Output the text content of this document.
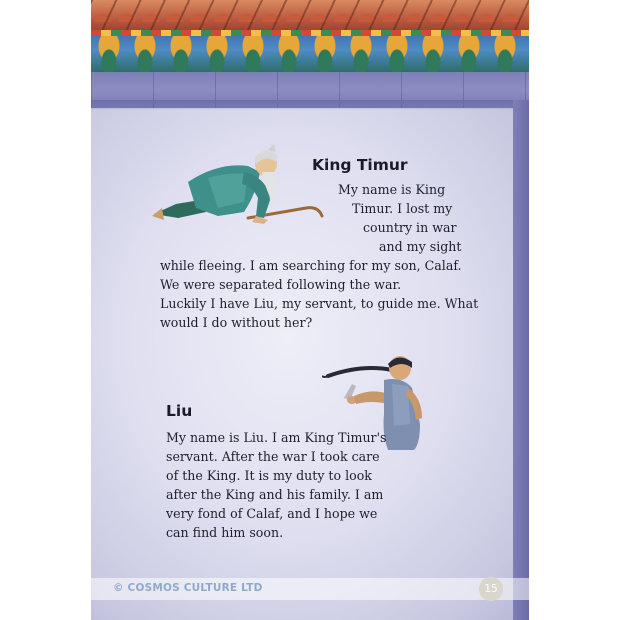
King Timur

My name is King

Timur. I lost my

country in war

and my sight

while fleeing. I am searching for my son, Calaf.

We were separated following the war.

Luckily I have Liu, my servant, to guide me. What

would I do without her?

Liu

My name is Liu. I am King Timur's

servant. After the war I took care

of the King. It is my duty to look

after the King and his family. I am

very fond of Calaf, and I hope we

can find him soon.

© COSMOS CULTURE LTD	15
